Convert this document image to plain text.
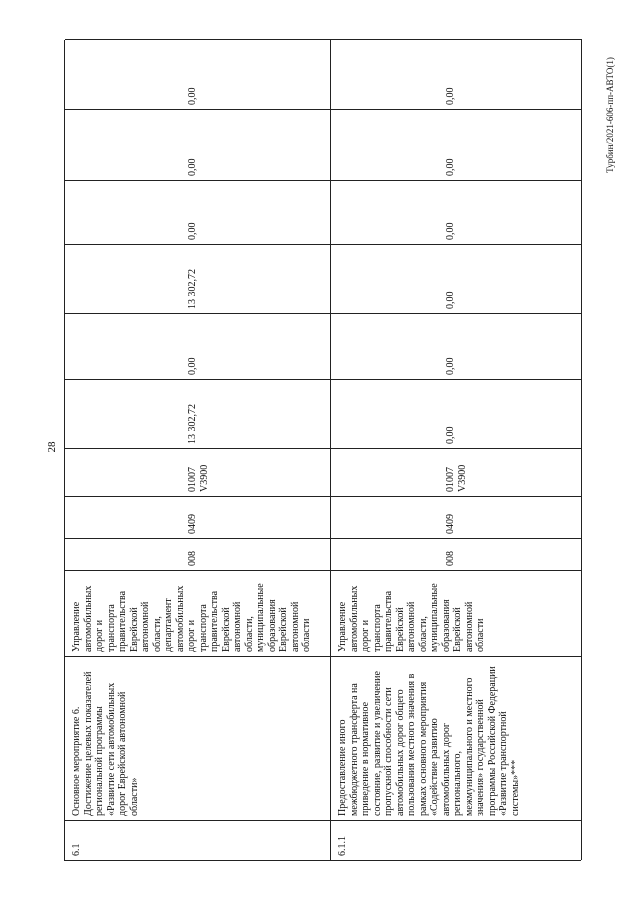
28
Турбин/2021-606-пп-АВТО(1)
6.1
Основное мероприятие 6. Достижение целевых показателей региональной программы «Развитие сети автомобильных дорог Еврейской автономной области»
Управление автомобильных дорог и транспорта правительства Еврейской автономной области, департамент автомобильных дорог и транспорта правительства Еврейской автономной области, муниципальные образования Еврейской автономной области
008
0409
01007 V3900
13 302,72
0,00
13 302,72
0,00
0,00
0,00
6.1.1
Предоставление иного межбюджетного трансферта на приведение в нормативное состояние, развитие и увеличение пропускной способности сети автомобильных дорог общего пользования местного значения в рамках основного мероприятия «Содействие развитию автомобильных дорог регионального, межмуниципального и местного значения» государственной программы Российской Федерации «Развитие транспортной системы»***
Управление автомобильных дорог и транспорта правительства Еврейской автономной области, муниципальные образования Еврейской автономной области
008
0409
01007 V3900
0,00
0,00
0,00
0,00
0,00
0,00
